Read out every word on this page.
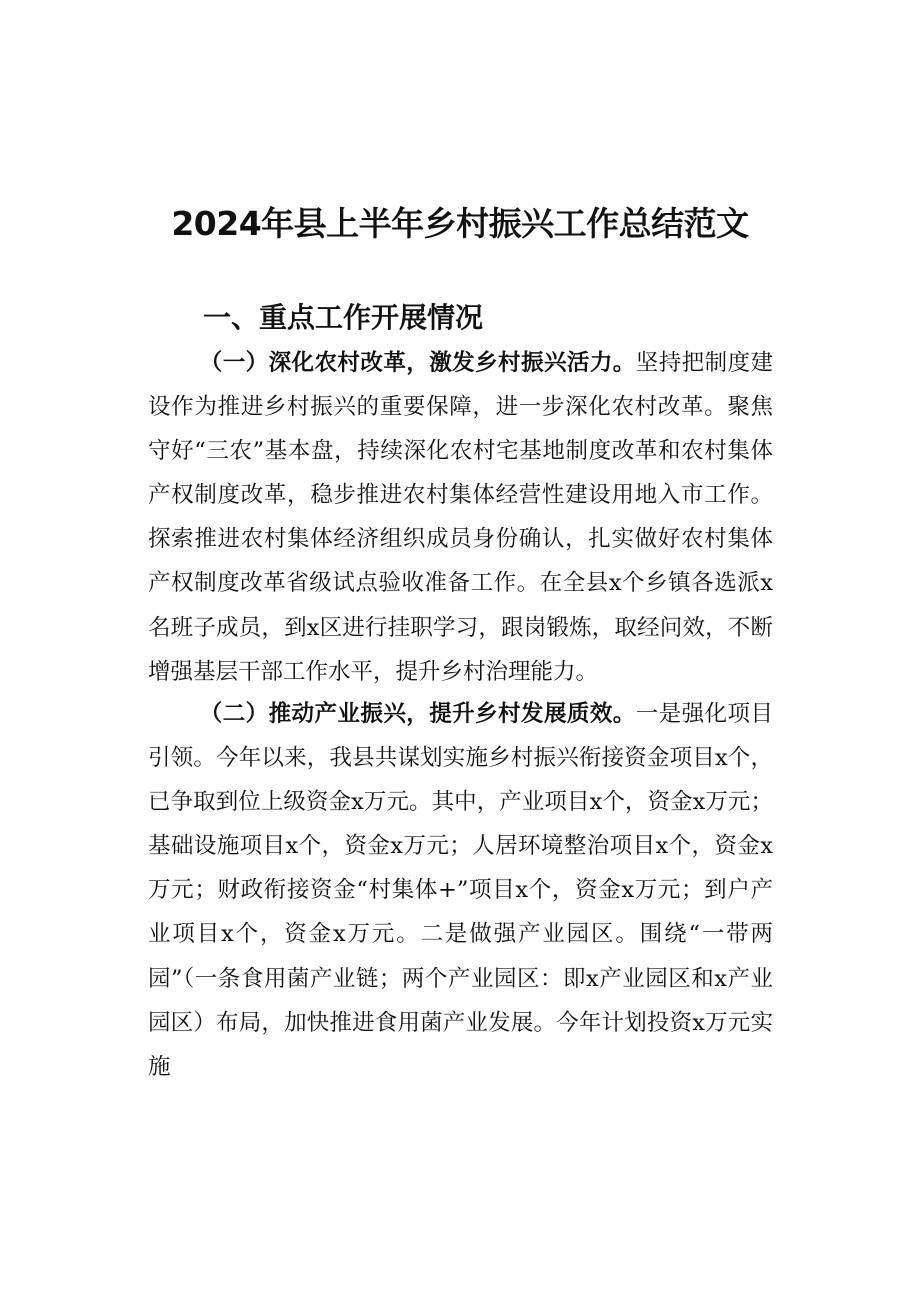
2024年县上半年乡村振兴工作总结范文
一、重点工作开展情况

（一）深化农村改革，激发乡村振兴活力。坚持把制度建设作为推进乡村振兴的重要保障，进一步深化农村改革。聚焦守好“三农”基本盘，持续深化农村宅基地制度改革和农村集体产权制度改革，稳步推进农村集体经营性建设用地入市工作。探索推进农村集体经济组织成员身份确认，扎实做好农村集体产权制度改革省级试点验收准备工作。在全县x个乡镇各选派x名班子成员，到x区进行挂职学习，跟岗锻炼，取经问效，不断增强基层干部工作水平，提升乡村治理能力。

（二）推动产业振兴，提升乡村发展质效。一是强化项目引领。今年以来，我县共谋划实施乡村振兴衔接资金项目x个，已争取到位上级资金x万元。其中，产业项目x个，资金x万元；基础设施项目x个，资金x万元；人居环境整治项目x个，资金x万元；财政衔接资金“村集体+”项目x个，资金x万元；到户产业项目x个，资金x万元。二是做强产业园区。围绕“一带两园”（一条食用菌产业链；两个产业园区：即x产业园区和x产业园区）布局，加快推进食用菌产业发展。今年计划投资x万元实施
